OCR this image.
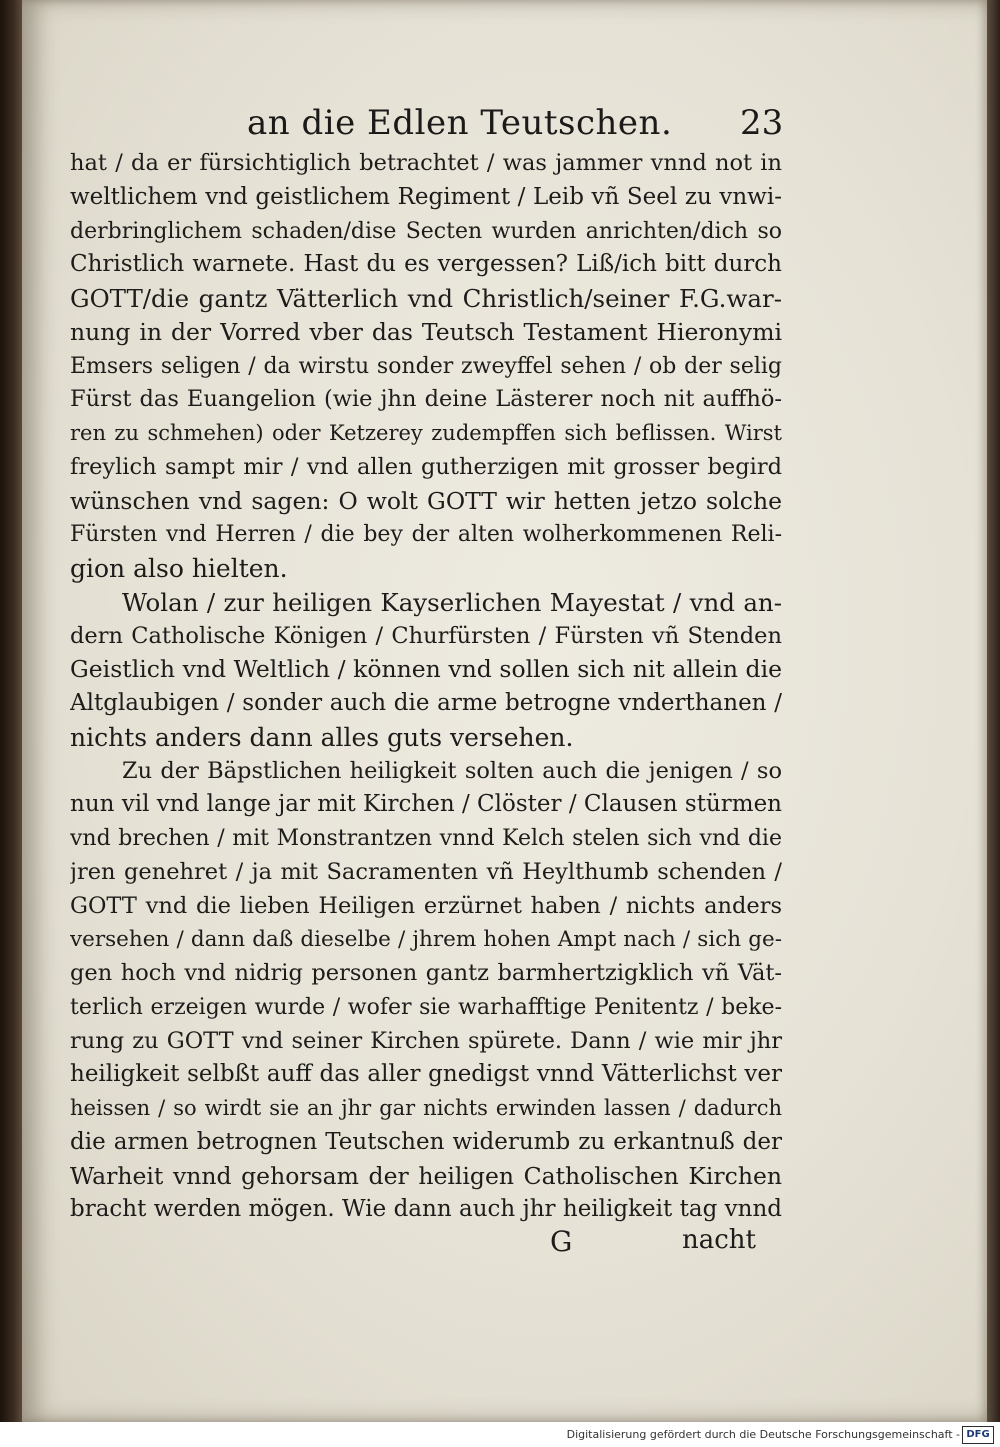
an die Edlen Teutschen. 23
hat / da er fürsichtiglich betrachtet / was jammer vnnd not in
weltlichem vnd geistlichem Regiment / Leib vñ Seel zu vnwi-
derbringlichem schaden/dise Secten wurden anrichten/dich so
Christlich warnete. Hast du es vergessen? Liß/ich bitt durch
GOTT/die gantz Vätterlich vnd Christlich/seiner F.G.war-
nung in der Vorred vber das Teutsch Testament Hieronymi
Emsers seligen / da wirstu sonder zweyffel sehen / ob der selig
Fürst das Euangelion (wie jhn deine Lästerer noch nit auffhö-
ren zu schmehen) oder Ketzerey zudempffen sich beflissen. Wirst
freylich sampt mir / vnd allen gutherzigen mit grosser begird
wünschen vnd sagen: O wolt GOTT wir hetten jetzo solche
Fürsten vnd Herren / die bey der alten wolherkommenen Reli-
gion also hielten.
Wolan / zur heiligen Kayserlichen Mayestat / vnd an-
dern Catholische Königen / Churfürsten / Fürsten vñ Stenden
Geistlich vnd Weltlich / können vnd sollen sich nit allein die
Altglaubigen / sonder auch die arme betrogne vnderthanen /
nichts anders dann alles guts versehen.
Zu der Bäpstlichen heiligkeit solten auch die jenigen / so
nun vil vnd lange jar mit Kirchen / Clöster / Clausen stürmen
vnd brechen / mit Monstrantzen vnnd Kelch stelen sich vnd die
jren genehret / ja mit Sacramenten vñ Heylthumb schenden /
GOTT vnd die lieben Heiligen erzürnet haben / nichts anders
versehen / dann daß dieselbe / jhrem hohen Ampt nach / sich ge-
gen hoch vnd nidrig personen gantz barmhertzigklich vñ Vät-
terlich erzeigen wurde / wofer sie warhafftige Penitentz / beke-
rung zu GOTT vnd seiner Kirchen spürete. Dann / wie mir jhr
heiligkeit selbßt auff das aller gnedigst vnnd Vätterlichst ver
heissen / so wirdt sie an jhr gar nichts erwinden lassen / dadurch
die armen betrognen Teutschen widerumb zu erkantnuß der
Warheit vnnd gehorsam der heiligen Catholischen Kirchen
bracht werden mögen. Wie dann auch jhr heiligkeit tag vnnd
G	nacht
Digitalisierung gefördert durch die Deutsche Forschungsgemeinschaft - DFG
